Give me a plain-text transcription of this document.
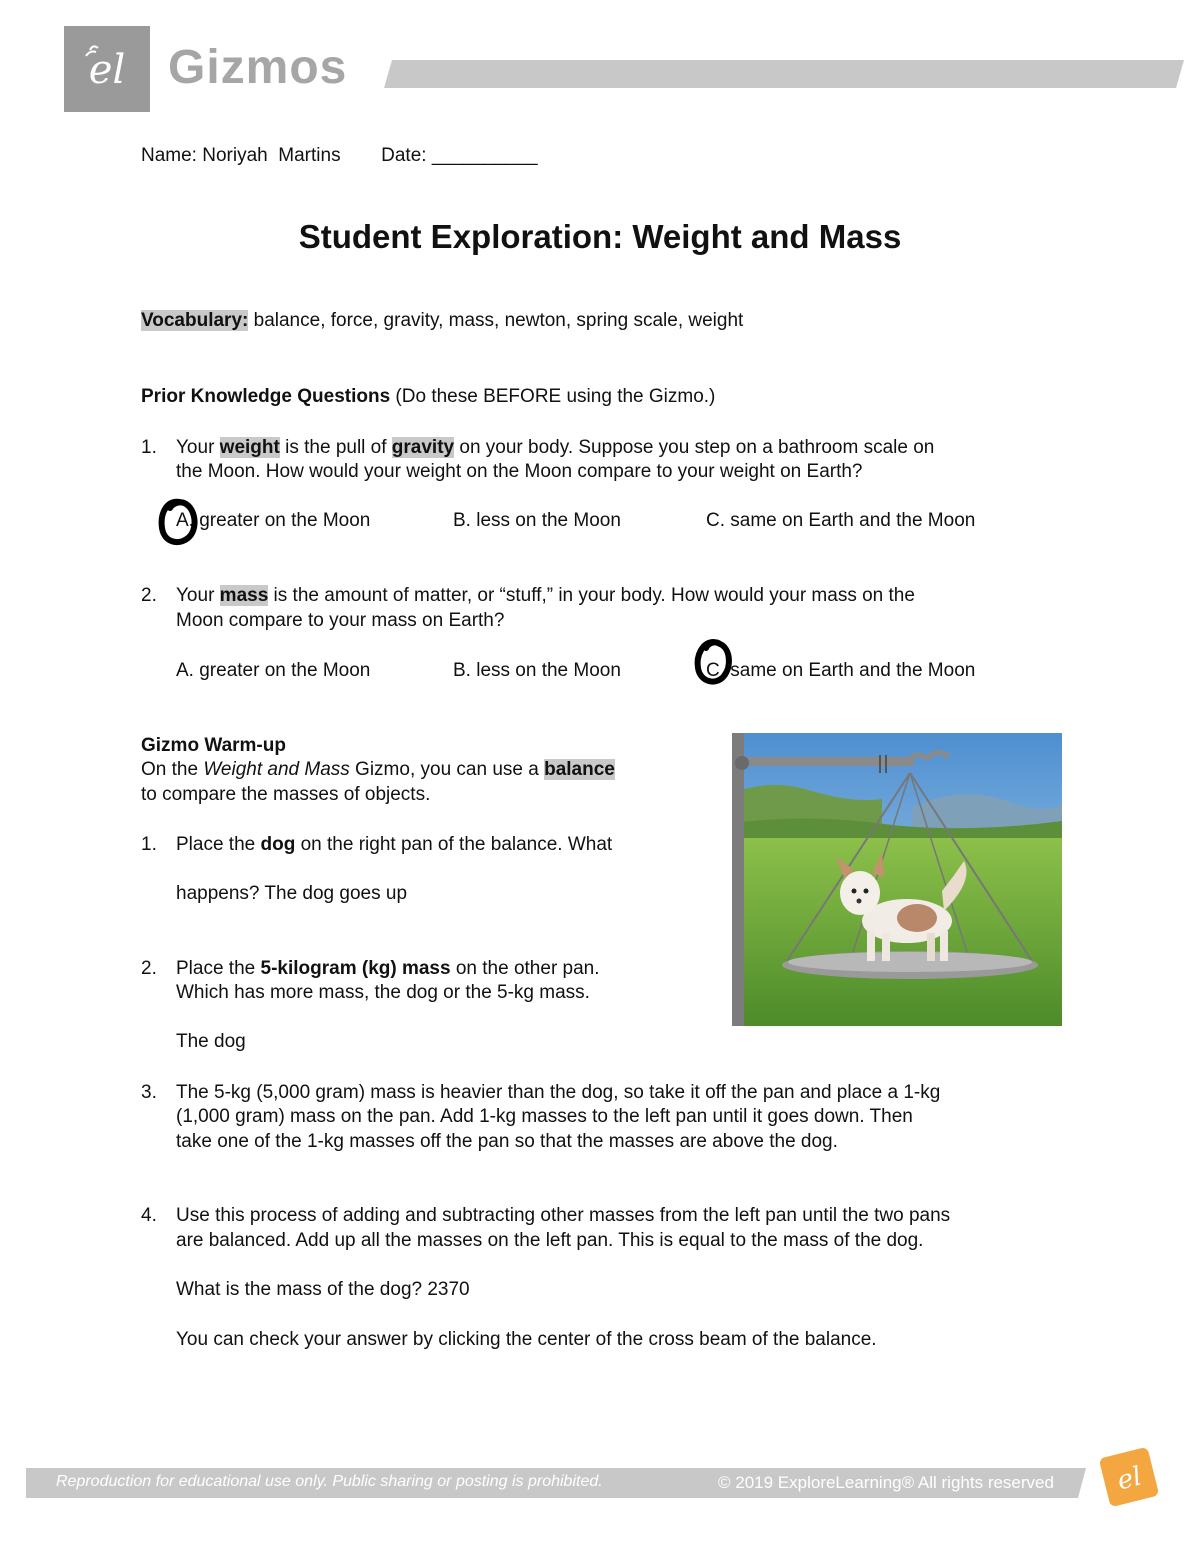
el Gizmos
Name: Noriyah  Martins Date: __________
Student Exploration: Weight and Mass
Vocabulary: balance, force, gravity, mass, newton, spring scale, weight
Prior Knowledge Questions (Do these BEFORE using the Gizmo.)
1. Your weight is the pull of gravity on your body. Suppose you step on a bathroom scale on
the Moon. How would your weight on the Moon compare to your weight on Earth?
A. greater on the Moon	B. less on the Moon	C. same on Earth and the Moon
2. Your mass is the amount of matter, or “stuff,” in your body. How would your mass on the
Moon compare to your mass on Earth?
A. greater on the Moon	B. less on the Moon	C. same on Earth and the Moon
Gizmo Warm-up
On the Weight and Mass Gizmo, you can use a balance
to compare the masses of objects.
1. Place the dog on the right pan of the balance. What
happens? The dog goes up
2. Place the 5-kilogram (kg) mass on the other pan.
Which has more mass, the dog or the 5-kg mass.
The dog
3. The 5-kg (5,000 gram) mass is heavier than the dog, so take it off the pan and place a 1-kg
(1,000 gram) mass on the pan. Add 1-kg masses to the left pan until it goes down. Then
take one of the 1-kg masses off the pan so that the masses are above the dog.
4. Use this process of adding and subtracting other masses from the left pan until the two pans
are balanced. Add up all the masses on the left pan. This is equal to the mass of the dog.
What is the mass of the dog? 2370
You can check your answer by clicking the center of the cross beam of the balance.
Reproduction for educational use only. Public sharing or posting is prohibited.	© 2019 ExploreLearning® All rights reserved el
